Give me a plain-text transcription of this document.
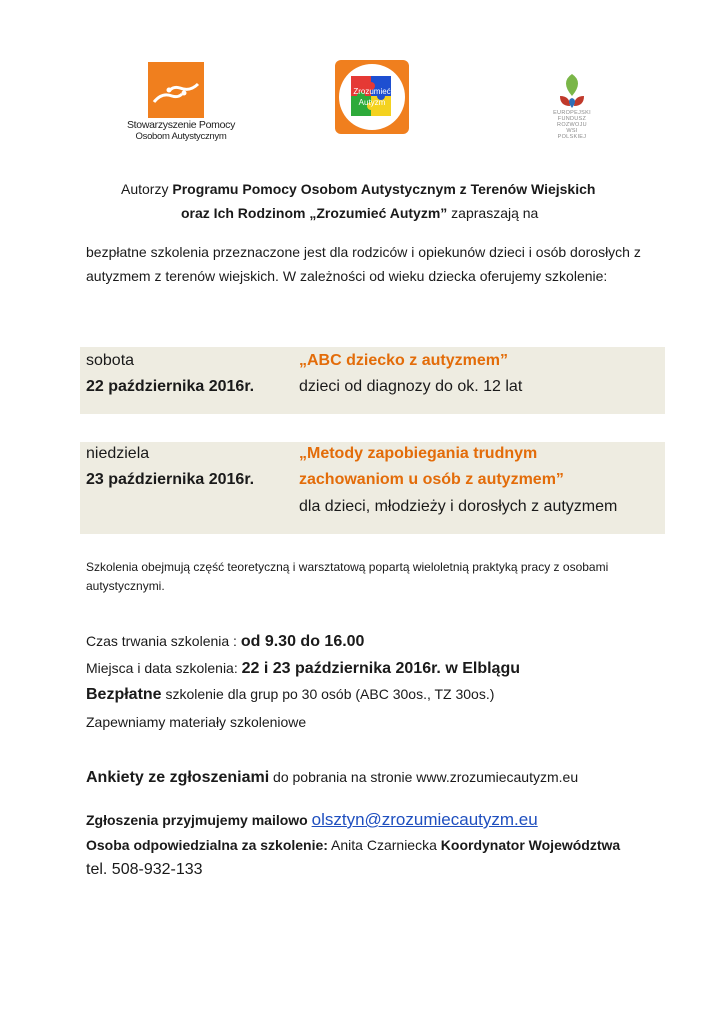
Stowarzyszenie Pomocy
Osobom Autystycznym
Zrozumieć
Autyzm
EUROPEJSKI
FUNDUSZ
ROZWOJU
WSI POLSKIEJ
Autorzy Programu Pomocy Osobom Autystycznym z Terenów Wiejskich
oraz Ich Rodzinom „Zrozumieć Autyzm” zapraszają na
bezpłatne szkolenia przeznaczone jest dla rodziców i opiekunów dzieci i osób dorosłych z autyzmem z terenów wiejskich. W zależności od wieku dziecka oferujemy szkolenie:
sobota
22 października 2016r.
„ABC dziecko z autyzmem”
dzieci od diagnozy do ok. 12 lat
niedziela
23 października 2016r.
„Metody zapobiegania trudnym
zachowaniom u osób z autyzmem”
dla dzieci, młodzieży i dorosłych z autyzmem
Szkolenia obejmują część teoretyczną i warsztatową popartą wieloletnią praktyką pracy z osobami autystycznymi.
Czas trwania szkolenia : od 9.30 do 16.00
Miejsca i data szkolenia: 22 i 23 października 2016r. w Elblągu
Bezpłatne szkolenie dla grup po 30 osób (ABC 30os., TZ 30os.)
Zapewniamy materiały szkoleniowe
Ankiety ze zgłoszeniami do pobrania na stronie www.zrozumiecautyzm.eu
Zgłoszenia przyjmujemy mailowo olsztyn@zrozumiecautyzm.eu
Osoba odpowiedzialna za szkolenie: Anita Czarniecka Koordynator Województwa
tel. 508-932-133
